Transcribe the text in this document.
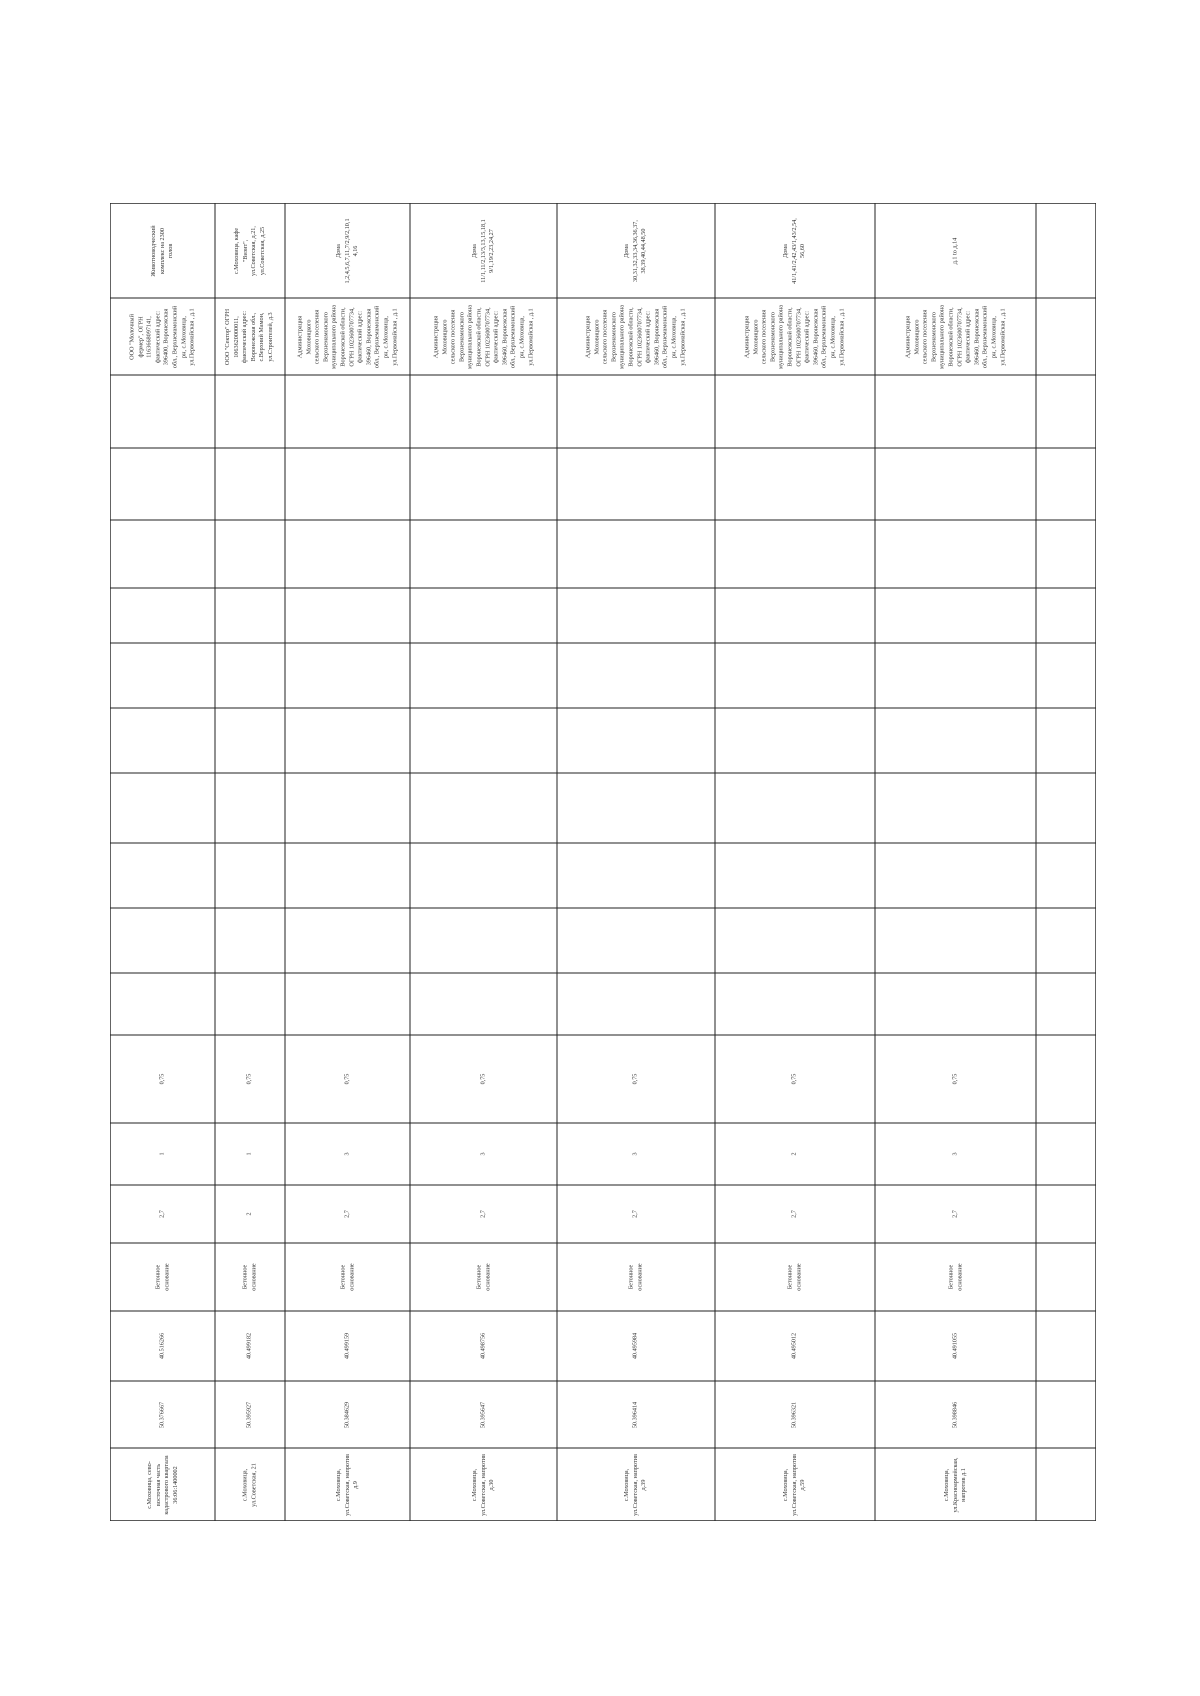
Животноводческий
комплекс на 2300
голов
ООО "Молочный
фермер", ОГРН
1163668097141,
фактический адрес:
396400, Воронежская
обл., Верхнемамонский
рн, с.Моховица,
ул.Первомайская , д.1
0,75
1
2,7
Бетонное
основание
40.516266
50.376667
с.Моховица, сево-
восточная часть
кадастрового квартала
36:06:1400002
с.Моховица, кафе
"Визит",
ул.Советская, д.21,
ул.Советская, д.25
ООО "Сектор" ОГРН
1063620000011,
фактический адрес:
Воронежская обл.,
с.Верхний Мамон,
ул.Строителей, д.3
0,75
1
2
Бетонное
основание
40.499182
50.395927
с.Моховица,
ул.Советская, 21
Дома
1,2,4,5,6,7,11,7/2,9/2,10,1
4,16
Администрация
Моховицкого
сельского поселения
Верхнемамонского
муниципального района
Воронежской области,
ОГРН 1023600707734,
фактический адрес:
396460, Воронежская
обл., Верхнемамонский
рн, с.Моховица,
ул.Первомайская , д.1
0,75
3
2,7
Бетонное
основание
40.499159
50.384629
с.Моховица,
ул.Советская, напротив
д.9
Дома
11/1,11/2,13/3,13,15,18,1
9/1,19/2,23,24,27
Администрация
Моховицкого
сельского поселения
Верхнемамонского
муниципального района
Воронежской области,
ОГРН 1023600707734,
фактический адрес:
396460, Воронежская
обл., Верхнемамонский
рн, с.Моховица,
ул.Первомайская , д.1
0,75
3
2,7
Бетонное
основание
40.498756
50.395647
с.Моховица,
ул.Советская, напротив
д.30
Дома
30,31,32,33,34,36,36,37,
38,39,40,44,48,50
Администрация
Моховицкого
сельского поселения
Верхнемамонского
муниципального района
Воронежской области,
ОГРН 1023600707734,
фактический адрес:
396460, Воронежская
обл., Верхнемамонский
рн, с.Моховица,
ул.Первомайская , д.1
0,75
3
2,7
Бетонное
основание
40.495984
50.396414
с.Моховица,
ул.Советская, напротив
д.39
Дома
41/1,41/2,42,43/1,43/2,54,
56,60
Администрация
Моховицкого
сельского поселения
Верхнемамонского
муниципального района
Воронежской области,
ОГРН 1023600707734,
фактический адрес:
396460, Воронежская
обл., Верхнемамонский
рн, с.Моховица,
ул.Первомайская , д.1
0,75
2
2,7
Бетонное
основание
40.495012
50.396321
с.Моховица,
ул.Советская, напротив
д.59
д.1 to д.14
Администрация
Моховицкого
сельского поселения
Верхнемамонского
муниципального района
Воронежской области,
ОГРН 1023600707734,
фактический адрес:
396460, Воронежская
обл., Верхнемамонский
рн, с.Моховица,
ул.Первомайская , д.1
0,75
3
2,7
Бетонное
основание
40.491055
50.398846
с.Моховица,
ул.Красноармейская,
напротив д.1
